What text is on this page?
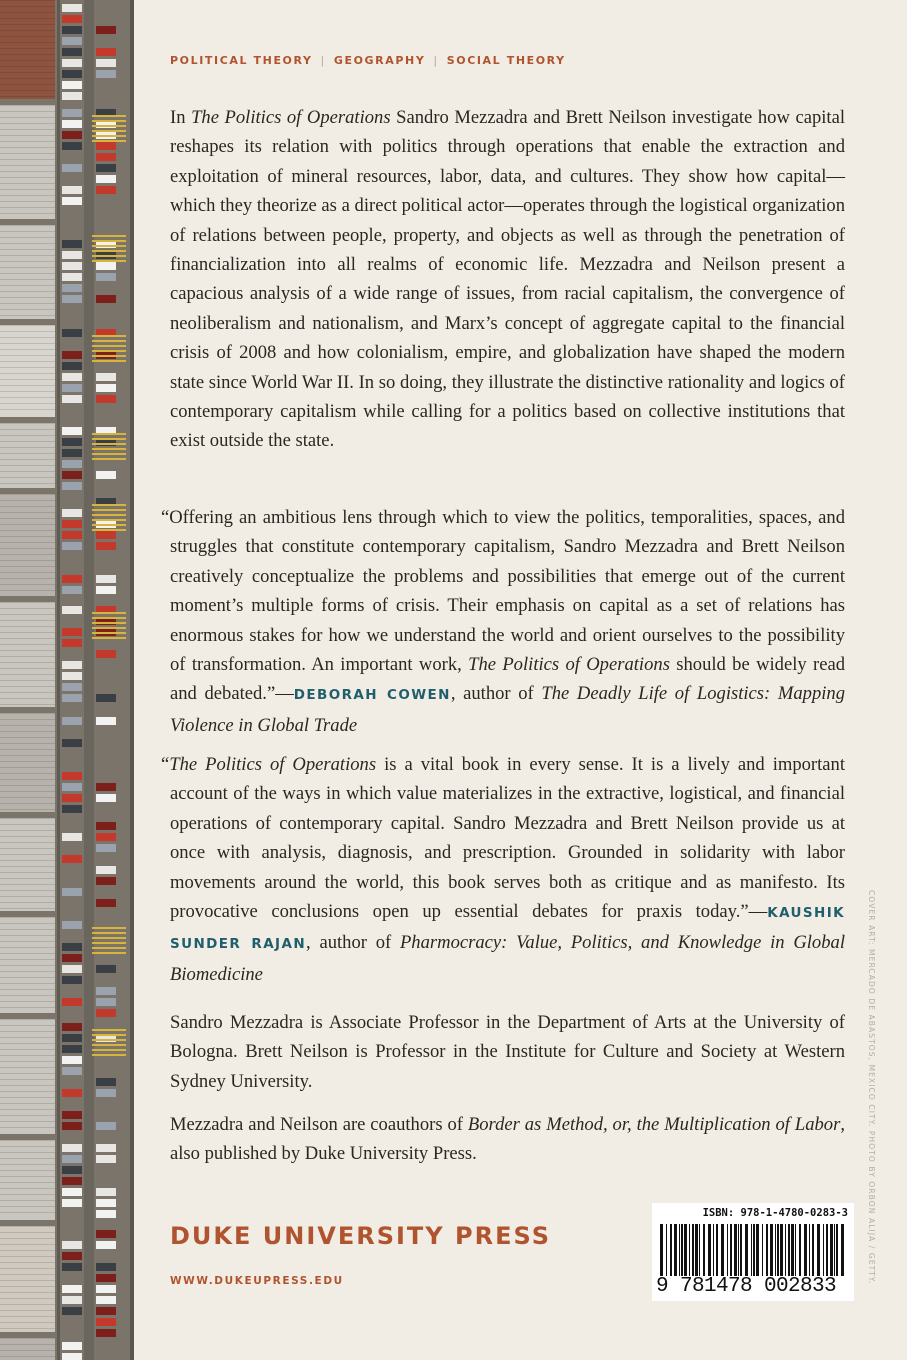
POLITICAL THEORY | GEOGRAPHY | SOCIAL THEORY

In The Politics of Operations Sandro Mezzadra and Brett Neilson investigate how capital reshapes its relation with politics through operations that enable the extraction and exploitation of mineral resources, labor, data, and cultures. They show how capital—which they theorize as a direct political actor—operates through the logistical organization of relations between people, property, and objects as well as through the penetration of financialization into all realms of economic life. Mezzadra and Neilson present a capacious analysis of a wide range of issues, from racial capitalism, the convergence of neoliberalism and nationalism, and Marx’s concept of aggregate capital to the financial crisis of 2008 and how colonialism, empire, and globalization have shaped the modern state since World War II. In so doing, they illustrate the distinctive rationality and logics of contemporary capitalism while calling for a politics based on collective institutions that exist outside the state.

“Offering an ambitious lens through which to view the politics, temporalities, spaces, and struggles that constitute contemporary capitalism, Sandro Mezzadra and Brett Neilson creatively conceptualize the problems and possibilities that emerge out of the current moment’s multiple forms of crisis. Their emphasis on capital as a set of relations has enormous stakes for how we understand the world and orient ourselves to the possibility of transformation. An important work, The Politics of Operations should be widely read and debated.”—DEBORAH COWEN, author of The Deadly Life of Logistics: Mapping Violence in Global Trade

“The Politics of Operations is a vital book in every sense. It is a lively and important account of the ways in which value materializes in the extractive, logistical, and financial operations of contemporary capital. Sandro Mezzadra and Brett Neilson provide us at once with analysis, diagnosis, and prescription. Grounded in solidarity with labor movements around the world, this book serves both as critique and as manifesto. Its provocative conclusions open up essential debates for praxis today.”—KAUSHIK SUNDER RAJAN, author of Pharmocracy: Value, Politics, and Knowledge in Global Biomedicine

Sandro Mezzadra is Associate Professor in the Department of Arts at the University of Bologna. Brett Neilson is Professor in the Institute for Culture and Society at Western Sydney University.

Mezzadra and Neilson are coauthors of Border as Method, or, the Multiplication of Labor, also published by Duke University Press.

DUKE UNIVERSITY PRESS
WWW.DUKEUPRESS.EDU
ISBN: 978-1-4780-0283-3
9 781478 002833
COVER ART: MERCADO DE ABASTOS, MEXICO CITY. PHOTO BY ORBON ALIJA / GETTY.
